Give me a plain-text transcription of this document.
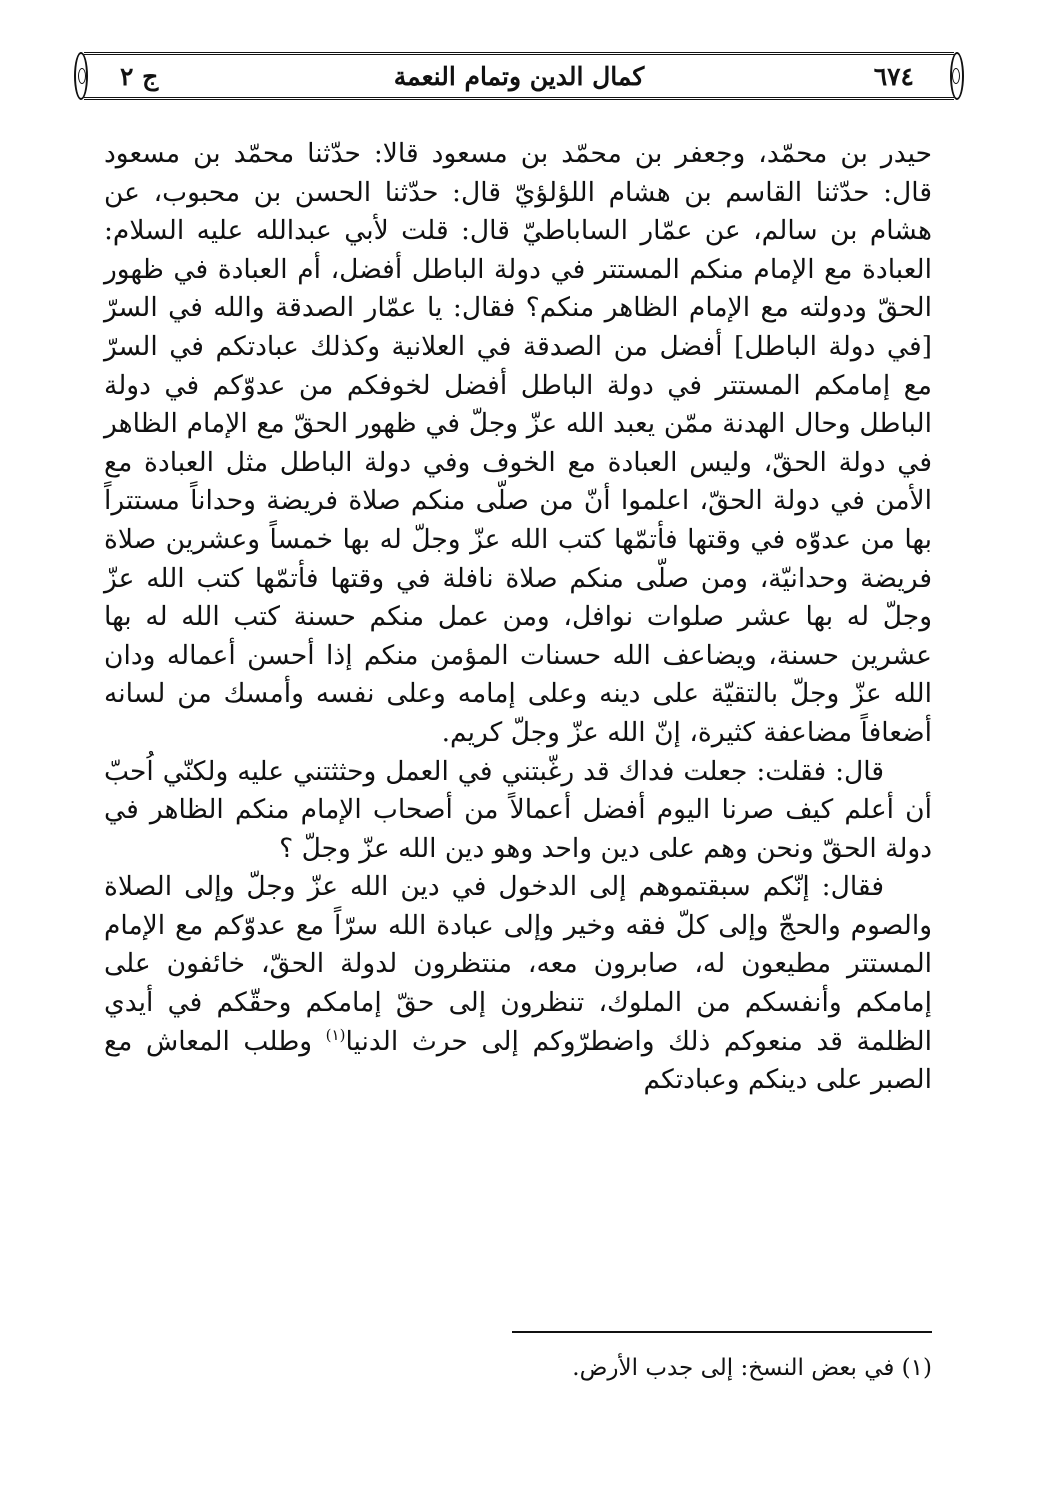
٦٧٤
كمال الدين وتمام النعمة
ج ٢

حيدر بن محمّد، وجعفر بن محمّد بن مسعود قالا: حدّثنا محمّد بن مسعود قال: حدّثنا القاسم بن هشام اللؤلؤيّ قال: حدّثنا الحسن بن محبوب، عن هشام بن سالم، عن عمّار الساباطيّ قال: قلت لأبي عبدالله عليه السلام: العبادة مع الإمام منكم المستتر في دولة الباطل أفضل، أم العبادة في ظهور الحقّ ودولته مع الإمام الظاهر منكم؟ فقال: يا عمّار الصدقة والله في السرّ [في دولة الباطل] أفضل من الصدقة في العلانية وكذلك عبادتكم في السرّ مع إمامكم المستتر في دولة الباطل أفضل لخوفكم من عدوّكم في دولة الباطل وحال الهدنة ممّن يعبد الله عزّ وجلّ في ظهور الحقّ مع الإمام الظاهر في دولة الحقّ، وليس العبادة مع الخوف وفي دولة الباطل مثل العبادة مع الأمن في دولة الحقّ، اعلموا أنّ من صلّى منكم صلاة فريضة وحداناً مستتراً بها من عدوّه في وقتها فأتمّها كتب الله عزّ وجلّ له بها خمساً وعشرين صلاة فريضة وحدانيّة، ومن صلّى منكم صلاة نافلة في وقتها فأتمّها كتب الله عزّ وجلّ له بها عشر صلوات نوافل، ومن عمل منكم حسنة كتب الله له بها عشرين حسنة، ويضاعف الله حسنات المؤمن منكم إذا أحسن أعماله ودان الله عزّ وجلّ بالتقيّة على دينه وعلى إمامه وعلى نفسه وأمسك من لسانه أضعافاً مضاعفة كثيرة، إنّ الله عزّ وجلّ كريم.

قال: فقلت: جعلت فداك قد رغّبتني في العمل وحثثتني عليه ولكنّي اُحبّ أن أعلم كيف صرنا اليوم أفضل أعمالاً من أصحاب الإمام منكم الظاهر في دولة الحقّ ونحن وهم على دين واحد وهو دين الله عزّ وجلّ ؟

فقال: إنّكم سبقتموهم إلى الدخول في دين الله عزّ وجلّ وإلى الصلاة والصوم والحجّ وإلى كلّ فقه وخير وإلى عبادة الله سرّاً مع عدوّكم مع الإمام المستتر مطيعون له، صابرون معه، منتظرون لدولة الحقّ، خائفون على إمامكم وأنفسكم من الملوك، تنظرون إلى حقّ إمامكم وحقّكم في أيدي الظلمة قد منعوكم ذلك واضطرّوكم إلى حرث الدنيا$^{(١)}$ وطلب المعاش مع الصبر على دينكم وعبادتكم

(١) في بعض النسخ: إلى جدب الأرض.
